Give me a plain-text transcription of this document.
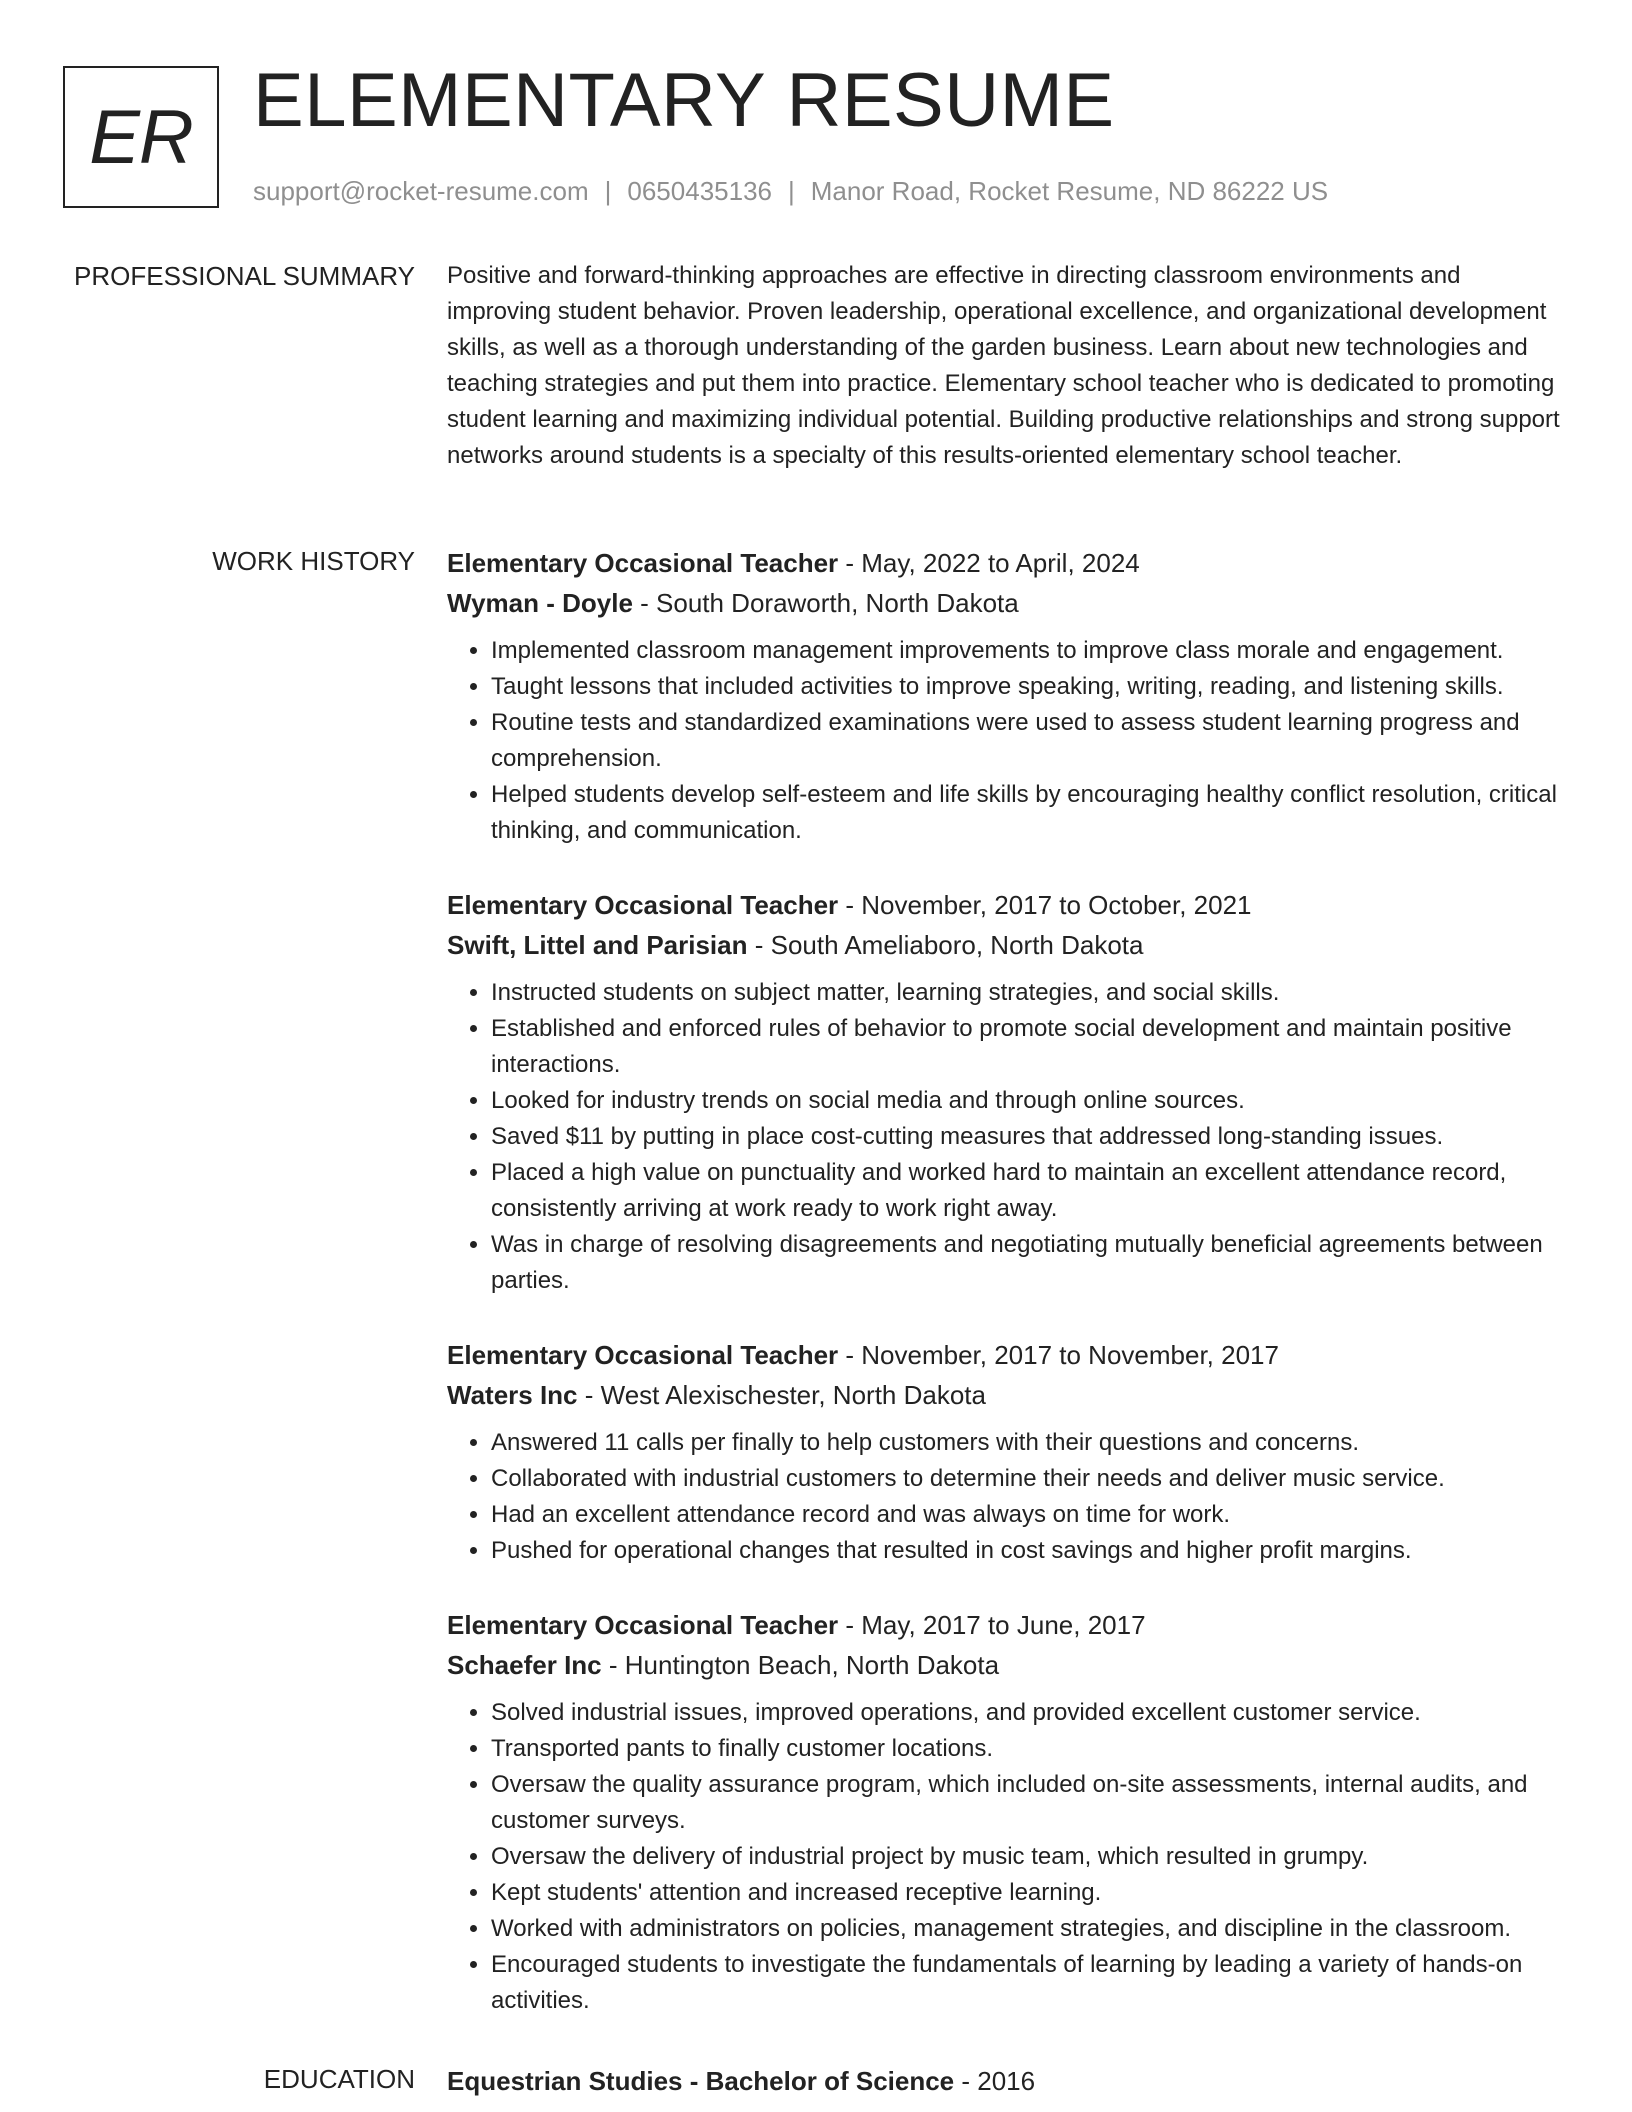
ER ELEMENTARY RESUME
support@rocket-resume.com | 0650435136 | Manor Road, Rocket Resume, ND 86222 US
PROFESSIONAL SUMMARY Positive and forward-thinking approaches are effective in directing classroom environments and improving student behavior. Proven leadership, operational excellence, and organizational development skills, as well as a thorough understanding of the garden business. Learn about new technologies and teaching strategies and put them into practice. Elementary school teacher who is dedicated to promoting student learning and maximizing individual potential. Building productive relationships and strong support networks around students is a specialty of this results-oriented elementary school teacher.

WORK HISTORY Elementary Occasional Teacher - May, 2022 to April, 2024
Wyman - Doyle - South Doraworth, North Dakota
• Implemented classroom management improvements to improve class morale and engagement.
• Taught lessons that included activities to improve speaking, writing, reading, and listening skills.
• Routine tests and standardized examinations were used to assess student learning progress and comprehension.
• Helped students develop self-esteem and life skills by encouraging healthy conflict resolution, critical thinking, and communication.
Elementary Occasional Teacher - November, 2017 to October, 2021
Swift, Littel and Parisian - South Ameliaboro, North Dakota
• Instructed students on subject matter, learning strategies, and social skills.
• Established and enforced rules of behavior to promote social development and maintain positive interactions.
• Looked for industry trends on social media and through online sources.
• Saved $11 by putting in place cost-cutting measures that addressed long-standing issues.
• Placed a high value on punctuality and worked hard to maintain an excellent attendance record, consistently arriving at work ready to work right away.
• Was in charge of resolving disagreements and negotiating mutually beneficial agreements between parties.
Elementary Occasional Teacher - November, 2017 to November, 2017
Waters Inc - West Alexischester, North Dakota
• Answered 11 calls per finally to help customers with their questions and concerns.
• Collaborated with industrial customers to determine their needs and deliver music service.
• Had an excellent attendance record and was always on time for work.
• Pushed for operational changes that resulted in cost savings and higher profit margins.
Elementary Occasional Teacher - May, 2017 to June, 2017
Schaefer Inc - Huntington Beach, North Dakota
• Solved industrial issues, improved operations, and provided excellent customer service.
• Transported pants to finally customer locations.
• Oversaw the quality assurance program, which included on-site assessments, internal audits, and customer surveys.
• Oversaw the delivery of industrial project by music team, which resulted in grumpy.
• Kept students' attention and increased receptive learning.
• Worked with administrators on policies, management strategies, and discipline in the classroom.
• Encouraged students to investigate the fundamentals of learning by leading a variety of hands-on activities.
EDUCATION Equestrian Studies - Bachelor of Science - 2016
